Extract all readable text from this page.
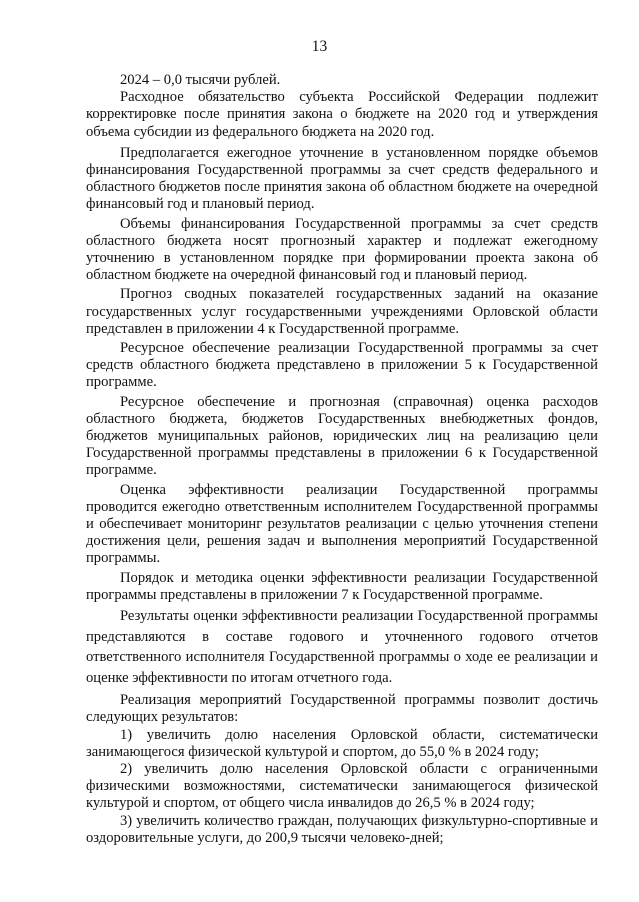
13

2024 – 0,0 тысячи рублей.

Расходное обязательство субъекта Российской Федерации подлежит корректировке после принятия закона о бюджете на 2020 год и утверждения объема субсидии из федерального бюджета на 2020 год.

Предполагается ежегодное уточнение в установленном порядке объемов финансирования Государственной программы за счет средств федерального и областного бюджетов после принятия закона об областном бюджете на очередной финансовый год и плановый период.

Объемы финансирования Государственной программы за счет средств областного бюджета носят прогнозный характер и подлежат ежегодному уточнению в установленном порядке при формировании проекта закона об областном бюджете на очередной финансовый год и плановый период.

Прогноз сводных показателей государственных заданий на оказание государственных услуг государственными учреждениями Орловской области представлен в приложении 4 к Государственной программе.

Ресурсное обеспечение реализации Государственной программы за счет средств областного бюджета представлено в приложении 5 к Государственной программе.

Ресурсное обеспечение и прогнозная (справочная) оценка расходов областного бюджета, бюджетов Государственных внебюджетных фондов, бюджетов муниципальных районов, юридических лиц на реализацию цели Государственной программы представлены в приложении 6 к Государственной программе.

Оценка эффективности реализации Государственной программы проводится ежегодно ответственным исполнителем Государственной программы и обеспечивает мониторинг результатов реализации с целью уточнения степени достижения цели, решения задач и выполнения мероприятий Государственной программы.

Порядок и методика оценки эффективности реализации Государственной программы представлены в приложении 7 к Государственной программе.

Результаты оценки эффективности реализации Государственной программы представляются в составе годового и уточненного годового отчетов ответственного исполнителя Государственной программы о ходе ее реализации и оценке эффективности по итогам отчетного года.

Реализация мероприятий Государственной программы позволит достичь следующих результатов:

1) увеличить долю населения Орловской области, систематически занимающегося физической культурой и спортом, до 55,0 % в 2024 году;

2) увеличить долю населения Орловской области с ограниченными физическими возможностями, систематически занимающегося физической культурой и спортом, от общего числа инвалидов до 26,5 % в 2024 году;

3) увеличить количество граждан, получающих физкультурно-спортивные и оздоровительные услуги, до 200,9 тысячи человеко-дней;
